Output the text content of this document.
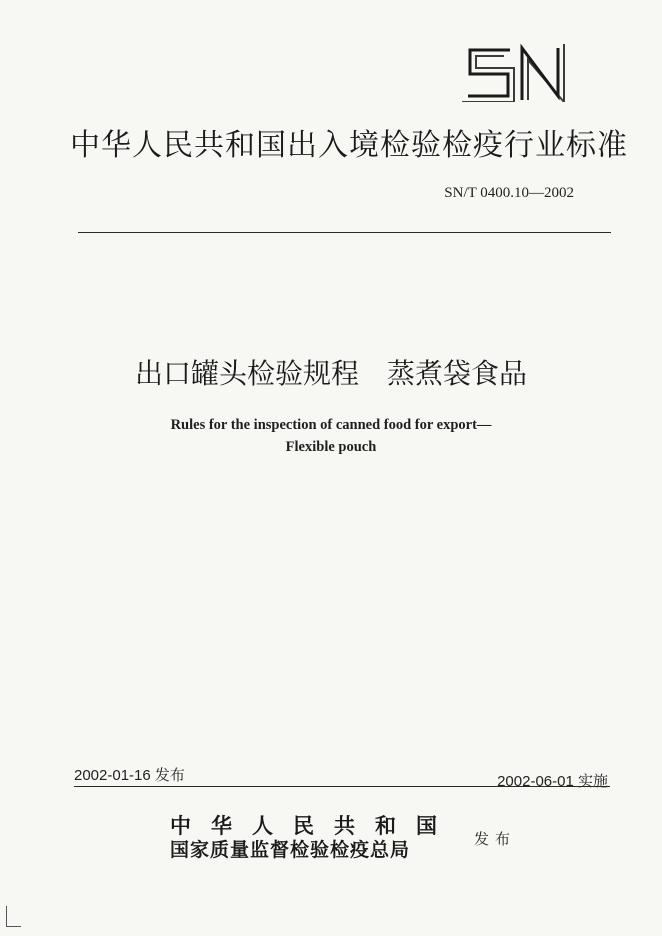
中华人民共和国出入境检验检疫行业标准
SN/T 0400.10—2002
出口罐头检验规程 蒸煮袋食品
Rules for the inspection of canned food for export—
Flexible pouch
2002-01-16 发布	2002-06-01 实施
中华人民共和国
国家质量监督检验检疫总局	发布
